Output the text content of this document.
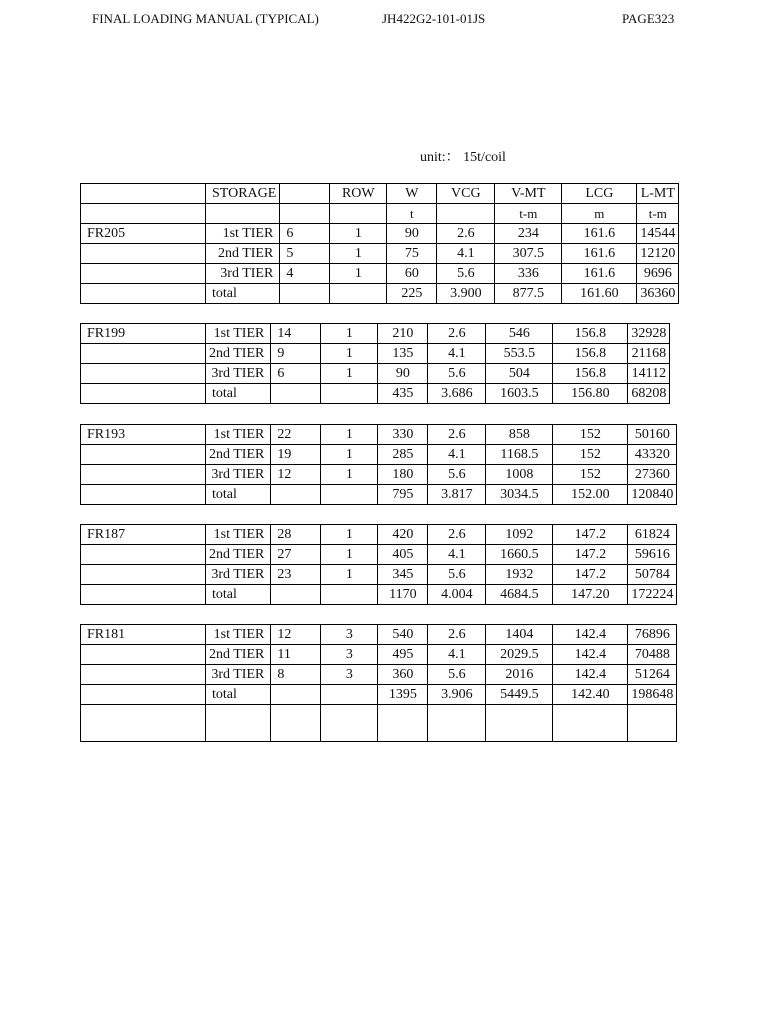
FINAL LOADING MANUAL (TYPICAL)	JH422G2-101-01JS	PAGE323
unit:： 15t/coil
	STORAGE		ROW	W	VCG	V-MT	LCG	L-MT
				t		t-m	m	t-m
FR205	1st TIER	6	1	90	2.6	234	161.6	14544
	2nd TIER	5	1	75	4.1	307.5	161.6	12120
	3rd TIER	4	1	60	5.6	336	161.6	9696
	total			225	3.900	877.5	161.60	36360
FR199	1st TIER	14	1	210	2.6	546	156.8	32928
	2nd TIER	9	1	135	4.1	553.5	156.8	21168
	3rd TIER	6	1	90	5.6	504	156.8	14112
	total			435	3.686	1603.5	156.80	68208
FR193	1st TIER	22	1	330	2.6	858	152	50160
	2nd TIER	19	1	285	4.1	1168.5	152	43320
	3rd TIER	12	1	180	5.6	1008	152	27360
	total			795	3.817	3034.5	152.00	120840
FR187	1st TIER	28	1	420	2.6	1092	147.2	61824
	2nd TIER	27	1	405	4.1	1660.5	147.2	59616
	3rd TIER	23	1	345	5.6	1932	147.2	50784
	total			1170	4.004	4684.5	147.20	172224
FR181	1st TIER	12	3	540	2.6	1404	142.4	76896
	2nd TIER	11	3	495	4.1	2029.5	142.4	70488
	3rd TIER	8	3	360	5.6	2016	142.4	51264
	total			1395	3.906	5449.5	142.40	198648
